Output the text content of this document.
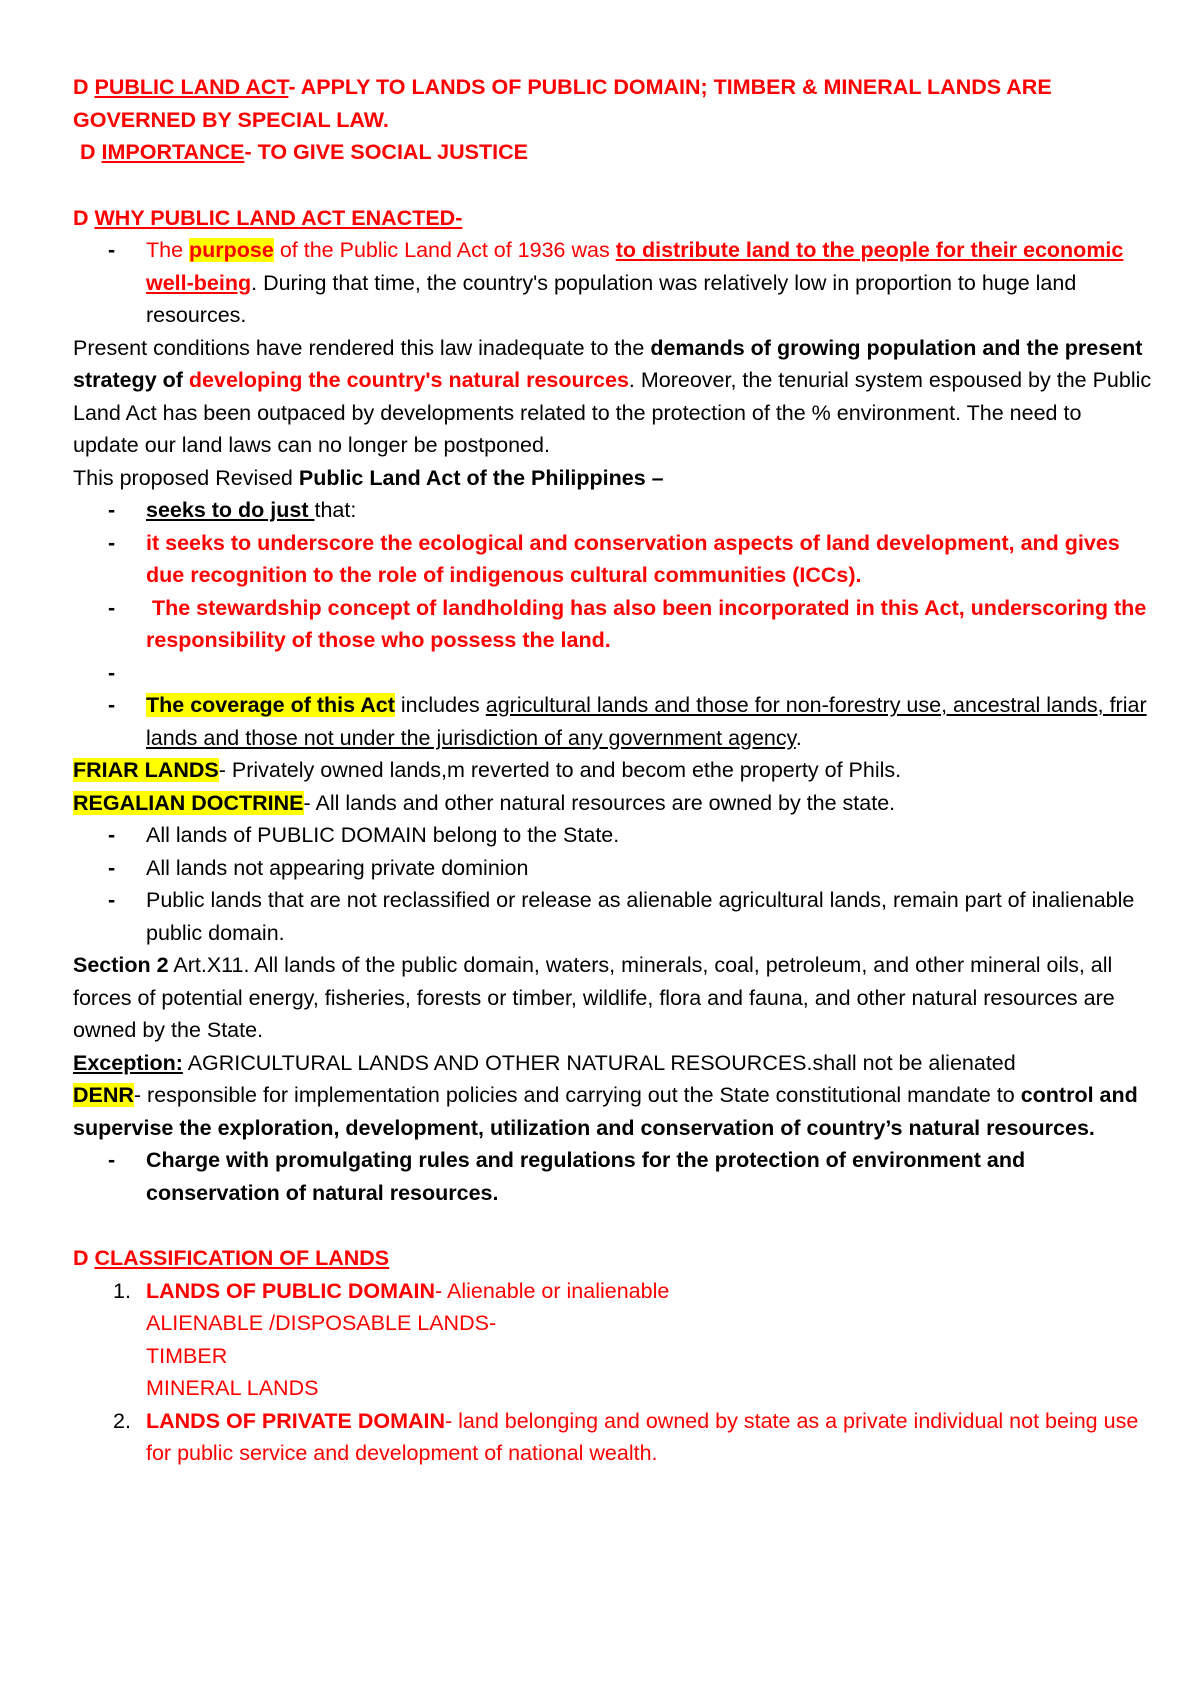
D PUBLIC LAND ACT- APPLY TO LANDS OF PUBLIC DOMAIN; TIMBER & MINERAL LANDS ARE GOVERNED BY SPECIAL LAW.

D IMPORTANCE- TO GIVE SOCIAL JUSTICE

D WHY PUBLIC LAND ACT ENACTED-

- The purpose of the Public Land Act of 1936 was to distribute land to the people for their economic well-being. During that time, the country's population was relatively low in proportion to huge land resources.

Present conditions have rendered this law inadequate to the demands of growing population and the present strategy of developing the country's natural resources. Moreover, the tenurial system espoused by the Public Land Act has been outpaced by developments related to the protection of the % environment. The need to update our land laws can no longer be postponed.

This proposed Revised Public Land Act of the Philippines –

- seeks to do just that:
- it seeks to underscore the ecological and conservation aspects of land development, and gives due recognition to the role of indigenous cultural communities (ICCs).
- The stewardship concept of landholding has also been incorporated in this Act, underscoring the responsibility of those who possess the land.
-

- The coverage of this Act includes agricultural lands and those for non-forestry use, ancestral lands, friar lands and those not under the jurisdiction of any government agency.

FRIAR LANDS- Privately owned lands,m reverted to and becom ethe property of Phils.

REGALIAN DOCTRINE- All lands and other natural resources are owned by the state.

- All lands of PUBLIC DOMAIN belong to the State.
- All lands not appearing private dominion
- Public lands that are not reclassified or release as alienable agricultural lands, remain part of inalienable public domain.

Section 2 Art.X11. All lands of the public domain, waters, minerals, coal, petroleum, and other mineral oils, all forces of potential energy, fisheries, forests or timber, wildlife, flora and fauna, and other natural resources are owned by the State.

Exception: AGRICULTURAL LANDS AND OTHER NATURAL RESOURCES.shall not be alienated

DENR- responsible for implementation policies and carrying out the State constitutional mandate to control and supervise the exploration, development, utilization and conservation of country’s natural resources.

- Charge with promulgating rules and regulations for the protection of environment and conservation of natural resources.

D CLASSIFICATION OF LANDS

1. LANDS OF PUBLIC DOMAIN- Alienable or inalienable

ALIENABLE /DISPOSABLE LANDS-

TIMBER

MINERAL LANDS

2. LANDS OF PRIVATE DOMAIN- land belonging and owned by state as a private individual not being use for public service and development of national wealth.
